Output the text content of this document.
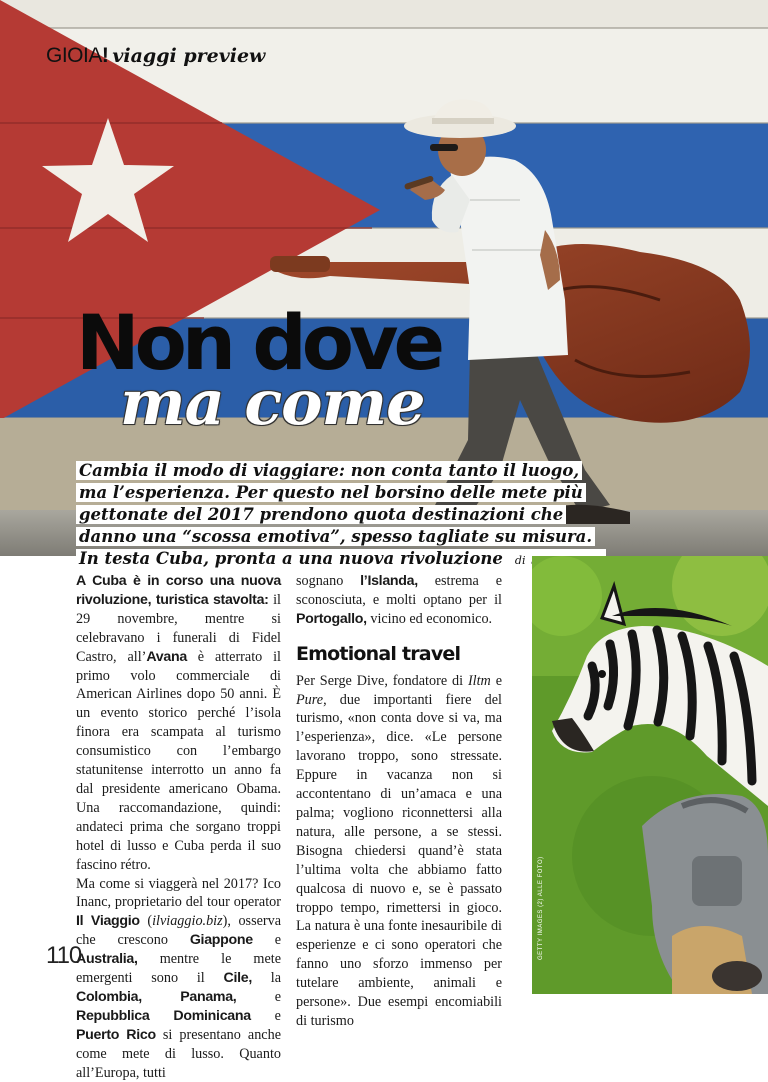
GIOIA! viaggi preview
Non dove
ma come
Cambia il modo di viaggiare: non conta tanto il luogo,
ma l’esperienza. Per questo nel borsino delle mete più
gettonate del 2017 prendono quota destinazioni che
danno una “scossa emotiva”, spesso tagliate su misura.
In testa Cuba, pronta a una nuova rivoluzione di

A Cuba è in corso una nuova rivoluzione, turistica stavolta: il 29 novembre, mentre si celebravano i funerali di Fidel Castro, all’Avana è atterrato il primo volo commerciale di American Airlines dopo 50 anni. È un evento storico perché l’isola finora era scampata al turismo consumistico con l’embargo statunitense interrotto un anno fa dal presidente americano Obama. Una raccomandazione, quindi: andateci prima che sorgano troppi hotel di lusso e Cuba perda il suo fascino rétro.

Ma come si viaggerà nel 2017? Ico Inanc, proprietario del tour operator Il Viaggio (ilviaggio.biz), osserva che crescono Giappone e Australia, mentre le mete emergenti sono il Cile, la Colombia, Panama, e Repubblica Dominicana e Puerto Rico si presentano anche come mete di lusso. Quanto all’Europa, tutti

sognano l’Islanda, estrema e sconosciuta, e molti optano per il Portogallo, vicino ed economico.

Emotional travel

Per Serge Dive, fondatore di Iltm e Pure, due importanti fiere del turismo, «non conta dove si va, ma l’esperienza», dice. «Le persone lavorano troppo, sono stressate. Eppure in vacanza non si accontentano di un’amaca e una palma; vogliono riconnettersi alla natura, alle persone, a se stessi. Bisogna chiedersi quand’è stata l’ultima volta che abbiamo fatto qualcosa di nuovo e, se è passato troppo tempo, rimettersi in gioco. La natura è una fonte inesauribile di esperienze e ci sono operatori che fanno uno sforzo immenso per tutelare ambiente, animali e persone». Due esempi encomiabili di turismo

GETTY IMAGES (2) ALLE FOTO)
110
